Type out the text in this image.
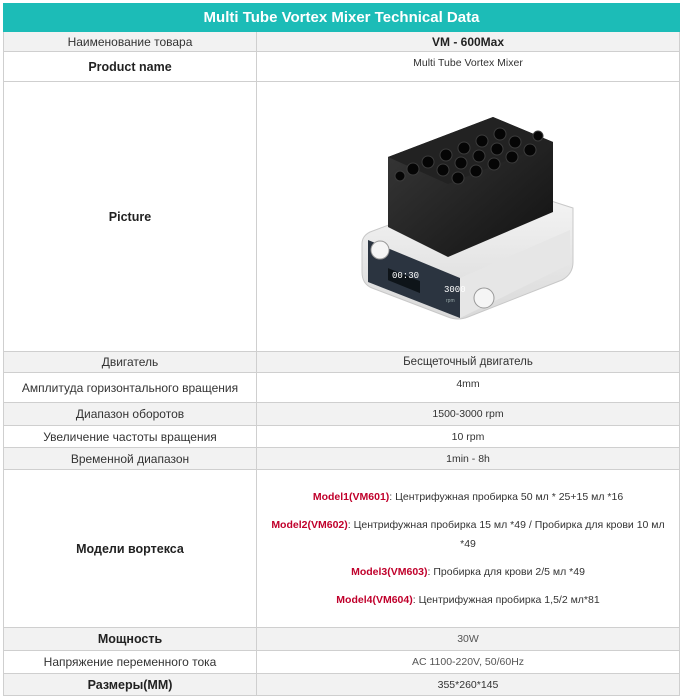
Multi Tube Vortex Mixer Technical Data	
Наименование товара	VM - 600Max
Product name	Multi Tube Vortex Mixer
Picture	00:30
3000
rpm

Двигатель	Бесщеточный двигатель
Амплитуда горизонтального вращения	4mm
Диапазон оборотов	1500-3000 rpm
Увеличение частоты вращения	10 rpm
Временной диапазон	1min - 8h
Модели вортекса	Model1(VM601): Центрифужная пробирка 50 мл * 25+15 мл *16
Model2(VM602): Центрифужная пробирка 15 мл *49 / Пробирка для крови 10 мл *49
Model3(VM603): Пробирка для крови 2/5 мл *49
Model4(VM604): Центрифужная пробирка 1,5/2 мл*81

Мощность	30W
Напряжение переменного тока	AC 1100-220V, 50/60Hz
Размеры(MM)	355*260*145
